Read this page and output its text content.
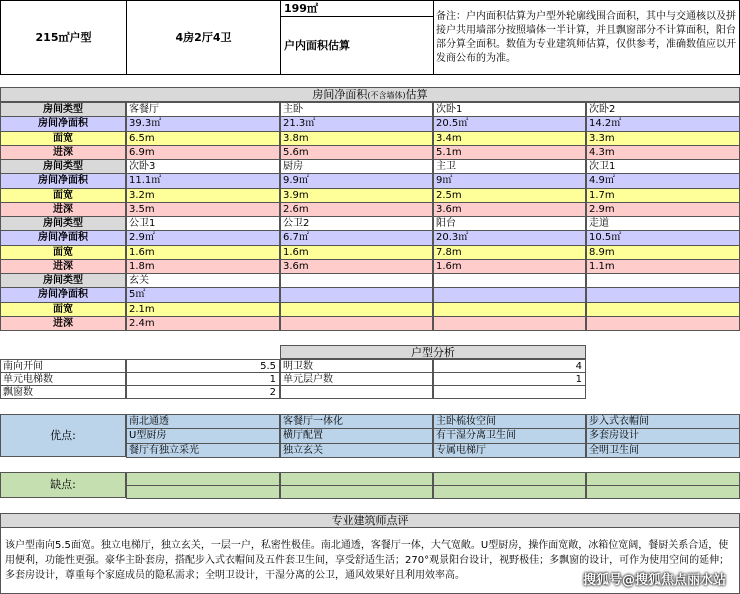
215㎡户型	4房2厅4卫
199㎡
户内面积估算
备注：户内面积估算为户型外轮廓线围合面积，其中与交通核以及拼接户共用墙部分按照墙体一半计算，并且飘窗部分不计算面积，阳台部分算全面积。数值为专业建筑师估算，仅供参考，准确数值应以开发商公布的为准。
房间净面积(不含墙体)估算
房间类型	客餐厅	主卧	次卧1	次卧2
房间净面积	39.3㎡	21.3㎡	20.5㎡	14.2㎡
面宽	6.5m	3.8m	3.4m	3.3m
进深	6.9m	5.6m	5.1m	4.3m
房间类型	次卧3	厨房	主卫	次卫1
房间净面积	11.1㎡	9.9㎡	9㎡	4.9㎡
面宽	3.2m	3.9m	2.5m	1.7m
进深	3.5m	2.6m	3.6m	2.9m
房间类型	公卫1	公卫2	阳台	走道
房间净面积	2.9㎡	6.7㎡	20.3㎡	10.5㎡
面宽	1.6m	1.6m	7.8m	8.9m
进深	1.8m	3.6m	1.6m	1.1m
房间类型	玄关
房间净面积	5㎡
面宽	2.1m
进深	2.4m
户型分析
南向开间	5.5 明卫数	4
单元电梯数	1 单元层户数	1
飘窗数	2
优点:
南北通透	客餐厅一体化	主卧梳妆空间	步入式衣帽间
U型厨房	横厅配置	有干湿分离卫生间	多套房设计
餐厅有独立采光	独立玄关	专属电梯厅	全明卫生间
缺点:
专业建筑师点评
该户型南向5.5面宽。独立电梯厅，独立玄关，一层一户，私密性极佳。南北通透，客餐厅一体，大气宽敞。U型厨房，操作面宽敞，冰箱位宽阔，餐厨关系合适，使用便利，功能性更强。豪华主卧套房，搭配步入式衣帽间及五件套卫生间，享受舒适生活；270°观景阳台设计，视野极佳；多飘窗的设计，可作为使用空间的延伸；多套房设计，尊重每个家庭成员的隐私需求；全明卫设计，干湿分离的公卫，通风效果好且利用效率高。	搜狐号@搜狐焦点丽水站
